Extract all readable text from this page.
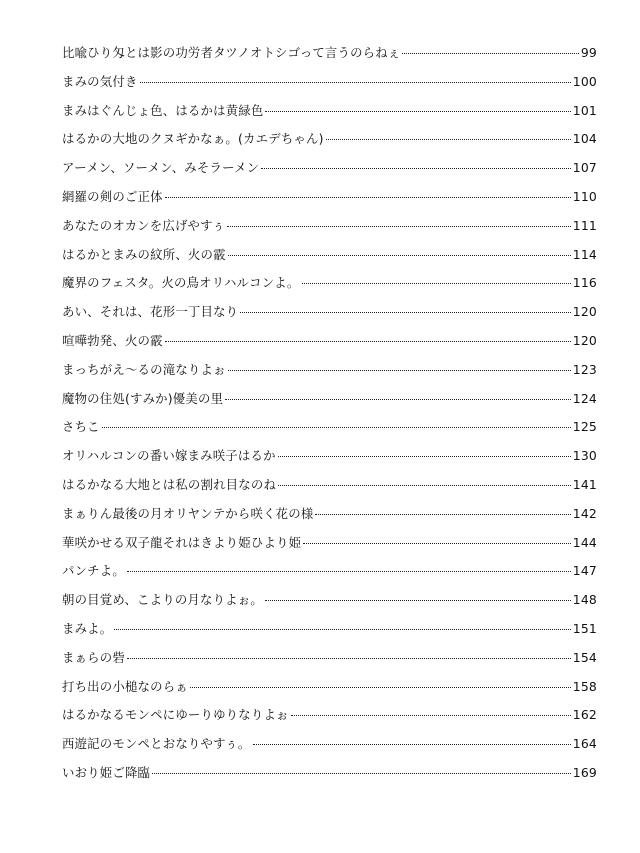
比喩ひり匁とは影の功労者タツノオトシゴって言うのらねぇ	99
まみの気付き	100
まみはぐんじょ色、はるかは黄緑色	101
はるかの大地のクヌギかなぁ。(カエデちゃん)	104
アーメン、ソーメン、みそラーメン	107
網羅の剣のご正体	110
あなたのオカンを広げやすぅ	111
はるかとまみの紋所、火の霰	114
魔界のフェスタ。火の鳥オリハルコンよ。	116
あい、それは、花形一丁目なり	120
喧嘩勃発、火の霰	120
まっちがえ〜るの滝なりよぉ	123
魔物の住処(すみか)優美の里	124
さちこ	125
オリハルコンの番い嫁まみ咲子はるか	130
はるかなる大地とは私の割れ目なのね	141
まぁりん最後の月オリヤンテから咲く花の様	142
華咲かせる双子龍それはきより姫ひより姫	144
パンチよ。	147
朝の目覚め、こよりの月なりよぉ。	148
まみよ。	151
まぁらの砦	154
打ち出の小槌なのらぁ	158
はるかなるモンペにゆーりゆりなりよぉ	162
西遊記のモンペとおなりやすぅ。	164
いおり姫ご降臨	169
